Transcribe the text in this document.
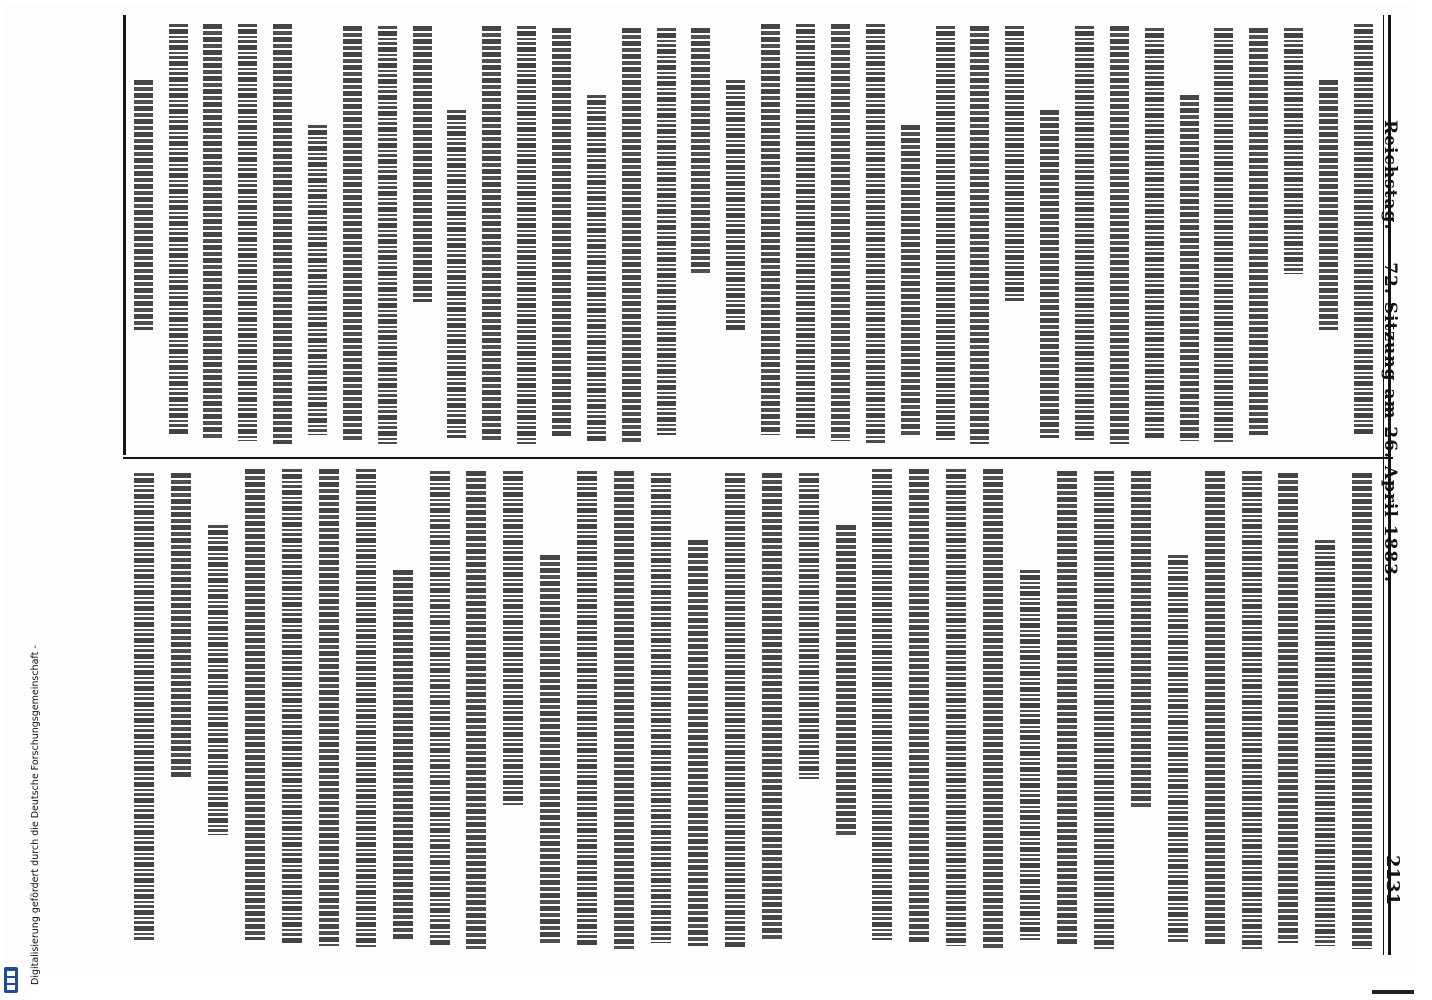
Reichstag. — 72. Sitzung am 26. April 1883.
2131
Digitalisierung gefördert durch die Deutsche Forschungsgemeinschaft -
